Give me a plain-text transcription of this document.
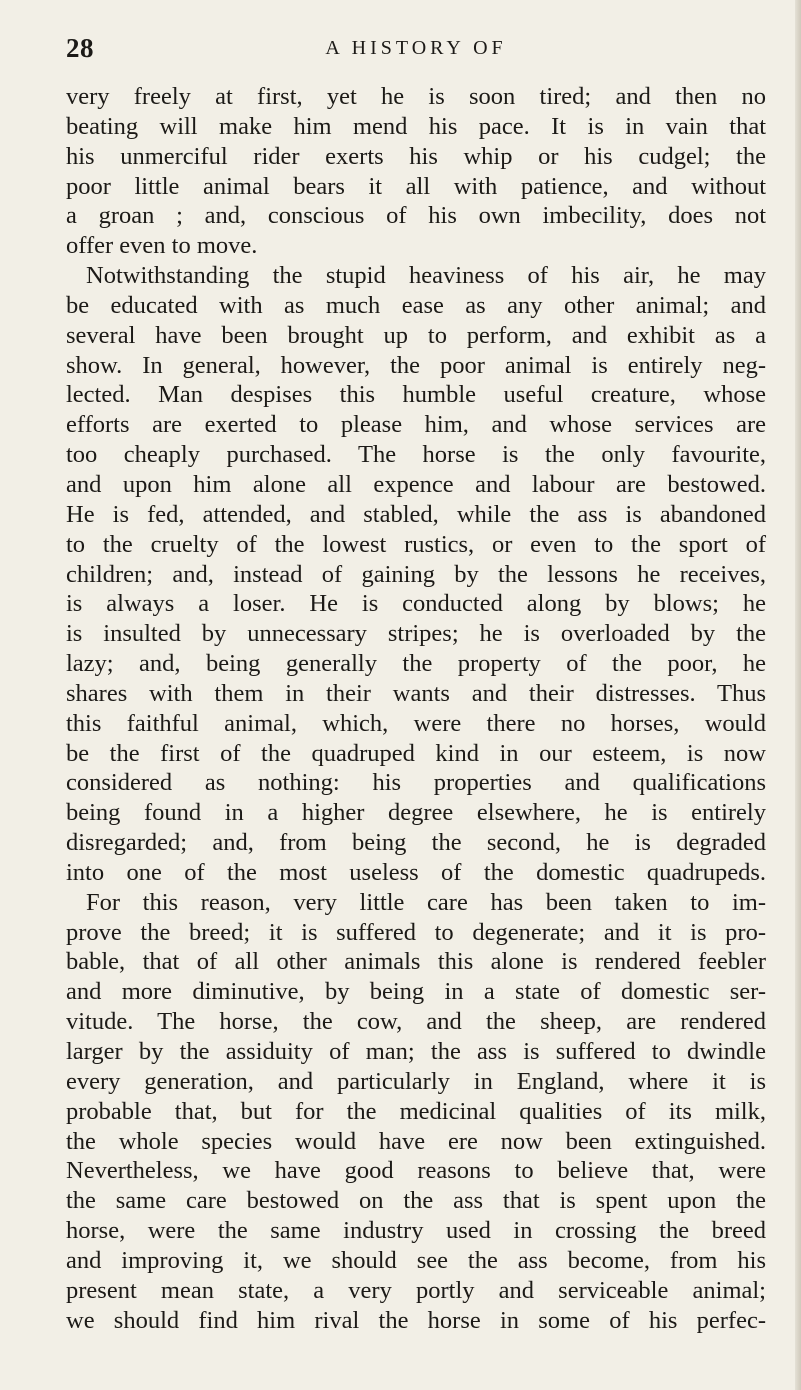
28	A HISTORY OF
very freely at first, yet he is soon tired; and then no
beating will make him mend his pace. It is in vain that
his unmerciful rider exerts his whip or his cudgel; the
poor little animal bears it all with patience, and without
a groan ; and, conscious of his own imbecility, does not
offer even to move.
Notwithstanding the stupid heaviness of his air, he may
be educated with as much ease as any other animal; and
several have been brought up to perform, and exhibit as a
show. In general, however, the poor animal is entirely neg-
lected. Man despises this humble useful creature, whose
efforts are exerted to please him, and whose services are
too cheaply purchased. The horse is the only favourite,
and upon him alone all expence and labour are bestowed.
He is fed, attended, and stabled, while the ass is abandoned
to the cruelty of the lowest rustics, or even to the sport of
children; and, instead of gaining by the lessons he receives,
is always a loser. He is conducted along by blows; he
is insulted by unnecessary stripes; he is overloaded by the
lazy; and, being generally the property of the poor, he
shares with them in their wants and their distresses. Thus
this faithful animal, which, were there no horses, would
be the first of the quadruped kind in our esteem, is now
considered as nothing: his properties and qualifications
being found in a higher degree elsewhere, he is entirely
disregarded; and, from being the second, he is degraded
into one of the most useless of the domestic quadrupeds.
For this reason, very little care has been taken to im-
prove the breed; it is suffered to degenerate; and it is pro-
bable, that of all other animals this alone is rendered feebler
and more diminutive, by being in a state of domestic ser-
vitude. The horse, the cow, and the sheep, are rendered
larger by the assiduity of man; the ass is suffered to dwindle
every generation, and particularly in England, where it is
probable that, but for the medicinal qualities of its milk,
the whole species would have ere now been extinguished.
Nevertheless, we have good reasons to believe that, were
the same care bestowed on the ass that is spent upon the
horse, were the same industry used in crossing the breed
and improving it, we should see the ass become, from his
present mean state, a very portly and serviceable animal;
we should find him rival the horse in some of his perfec-
